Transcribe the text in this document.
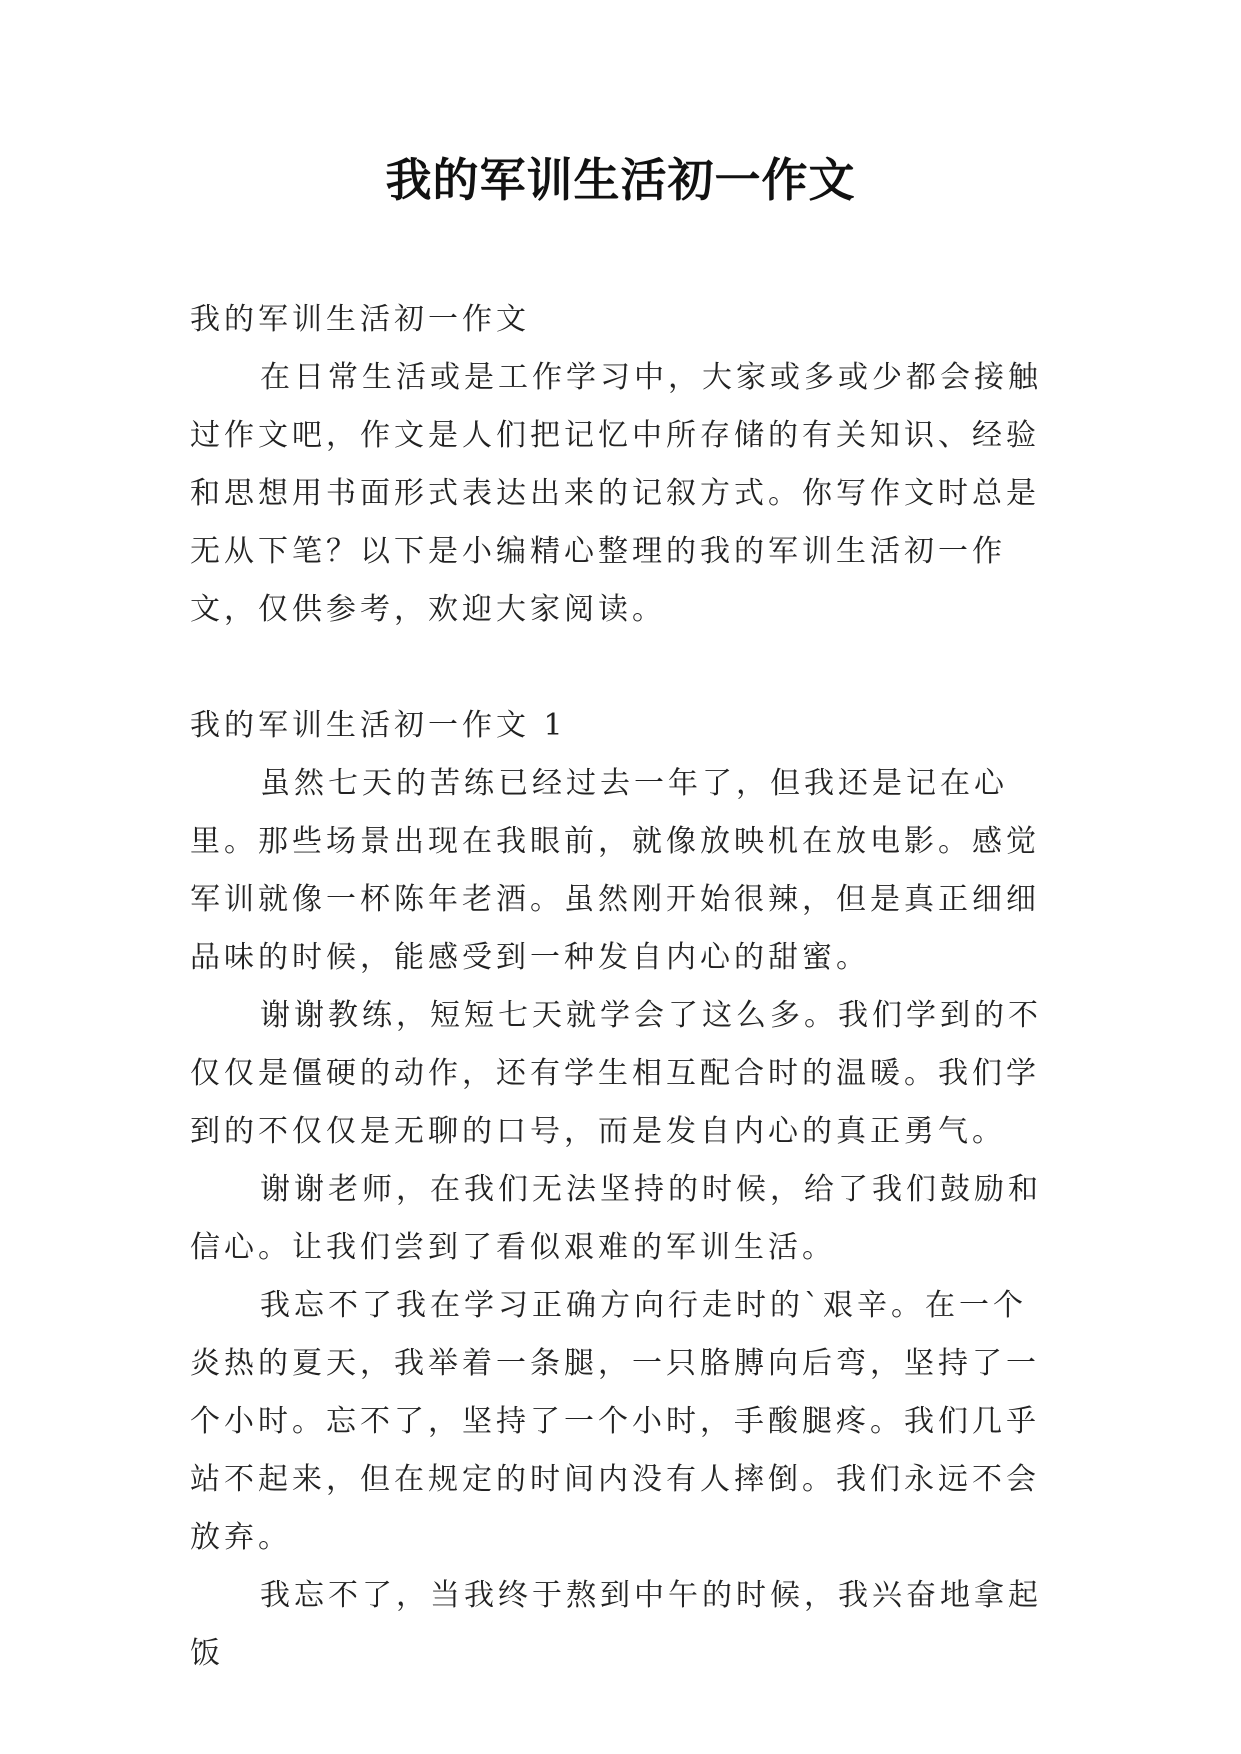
我的军训生活初一作文

我的军训生活初一作文

在日常生活或是工作学习中，大家或多或少都会接触过作文吧，作文是人们把记忆中所存储的有关知识、经验和思想用书面形式表达出来的记叙方式。你写作文时总是无从下笔？以下是小编精心整理的我的军训生活初一作文，仅供参考，欢迎大家阅读。

我的军训生活初一作文 1

虽然七天的苦练已经过去一年了，但我还是记在心里。那些场景出现在我眼前，就像放映机在放电影。感觉军训就像一杯陈年老酒。虽然刚开始很辣，但是真正细细品味的时候，能感受到一种发自内心的甜蜜。

谢谢教练，短短七天就学会了这么多。我们学到的不仅仅是僵硬的动作，还有学生相互配合时的温暖。我们学到的不仅仅是无聊的口号，而是发自内心的真正勇气。

谢谢老师，在我们无法坚持的时候，给了我们鼓励和信心。让我们尝到了看似艰难的军训生活。

我忘不了我在学习正确方向行走时的`艰辛。在一个炎热的夏天，我举着一条腿，一只胳膊向后弯，坚持了一个小时。忘不了，坚持了一个小时，手酸腿疼。我们几乎站不起来，但在规定的时间内没有人摔倒。我们永远不会放弃。

我忘不了，当我终于熬到中午的时候，我兴奋地拿起饭
